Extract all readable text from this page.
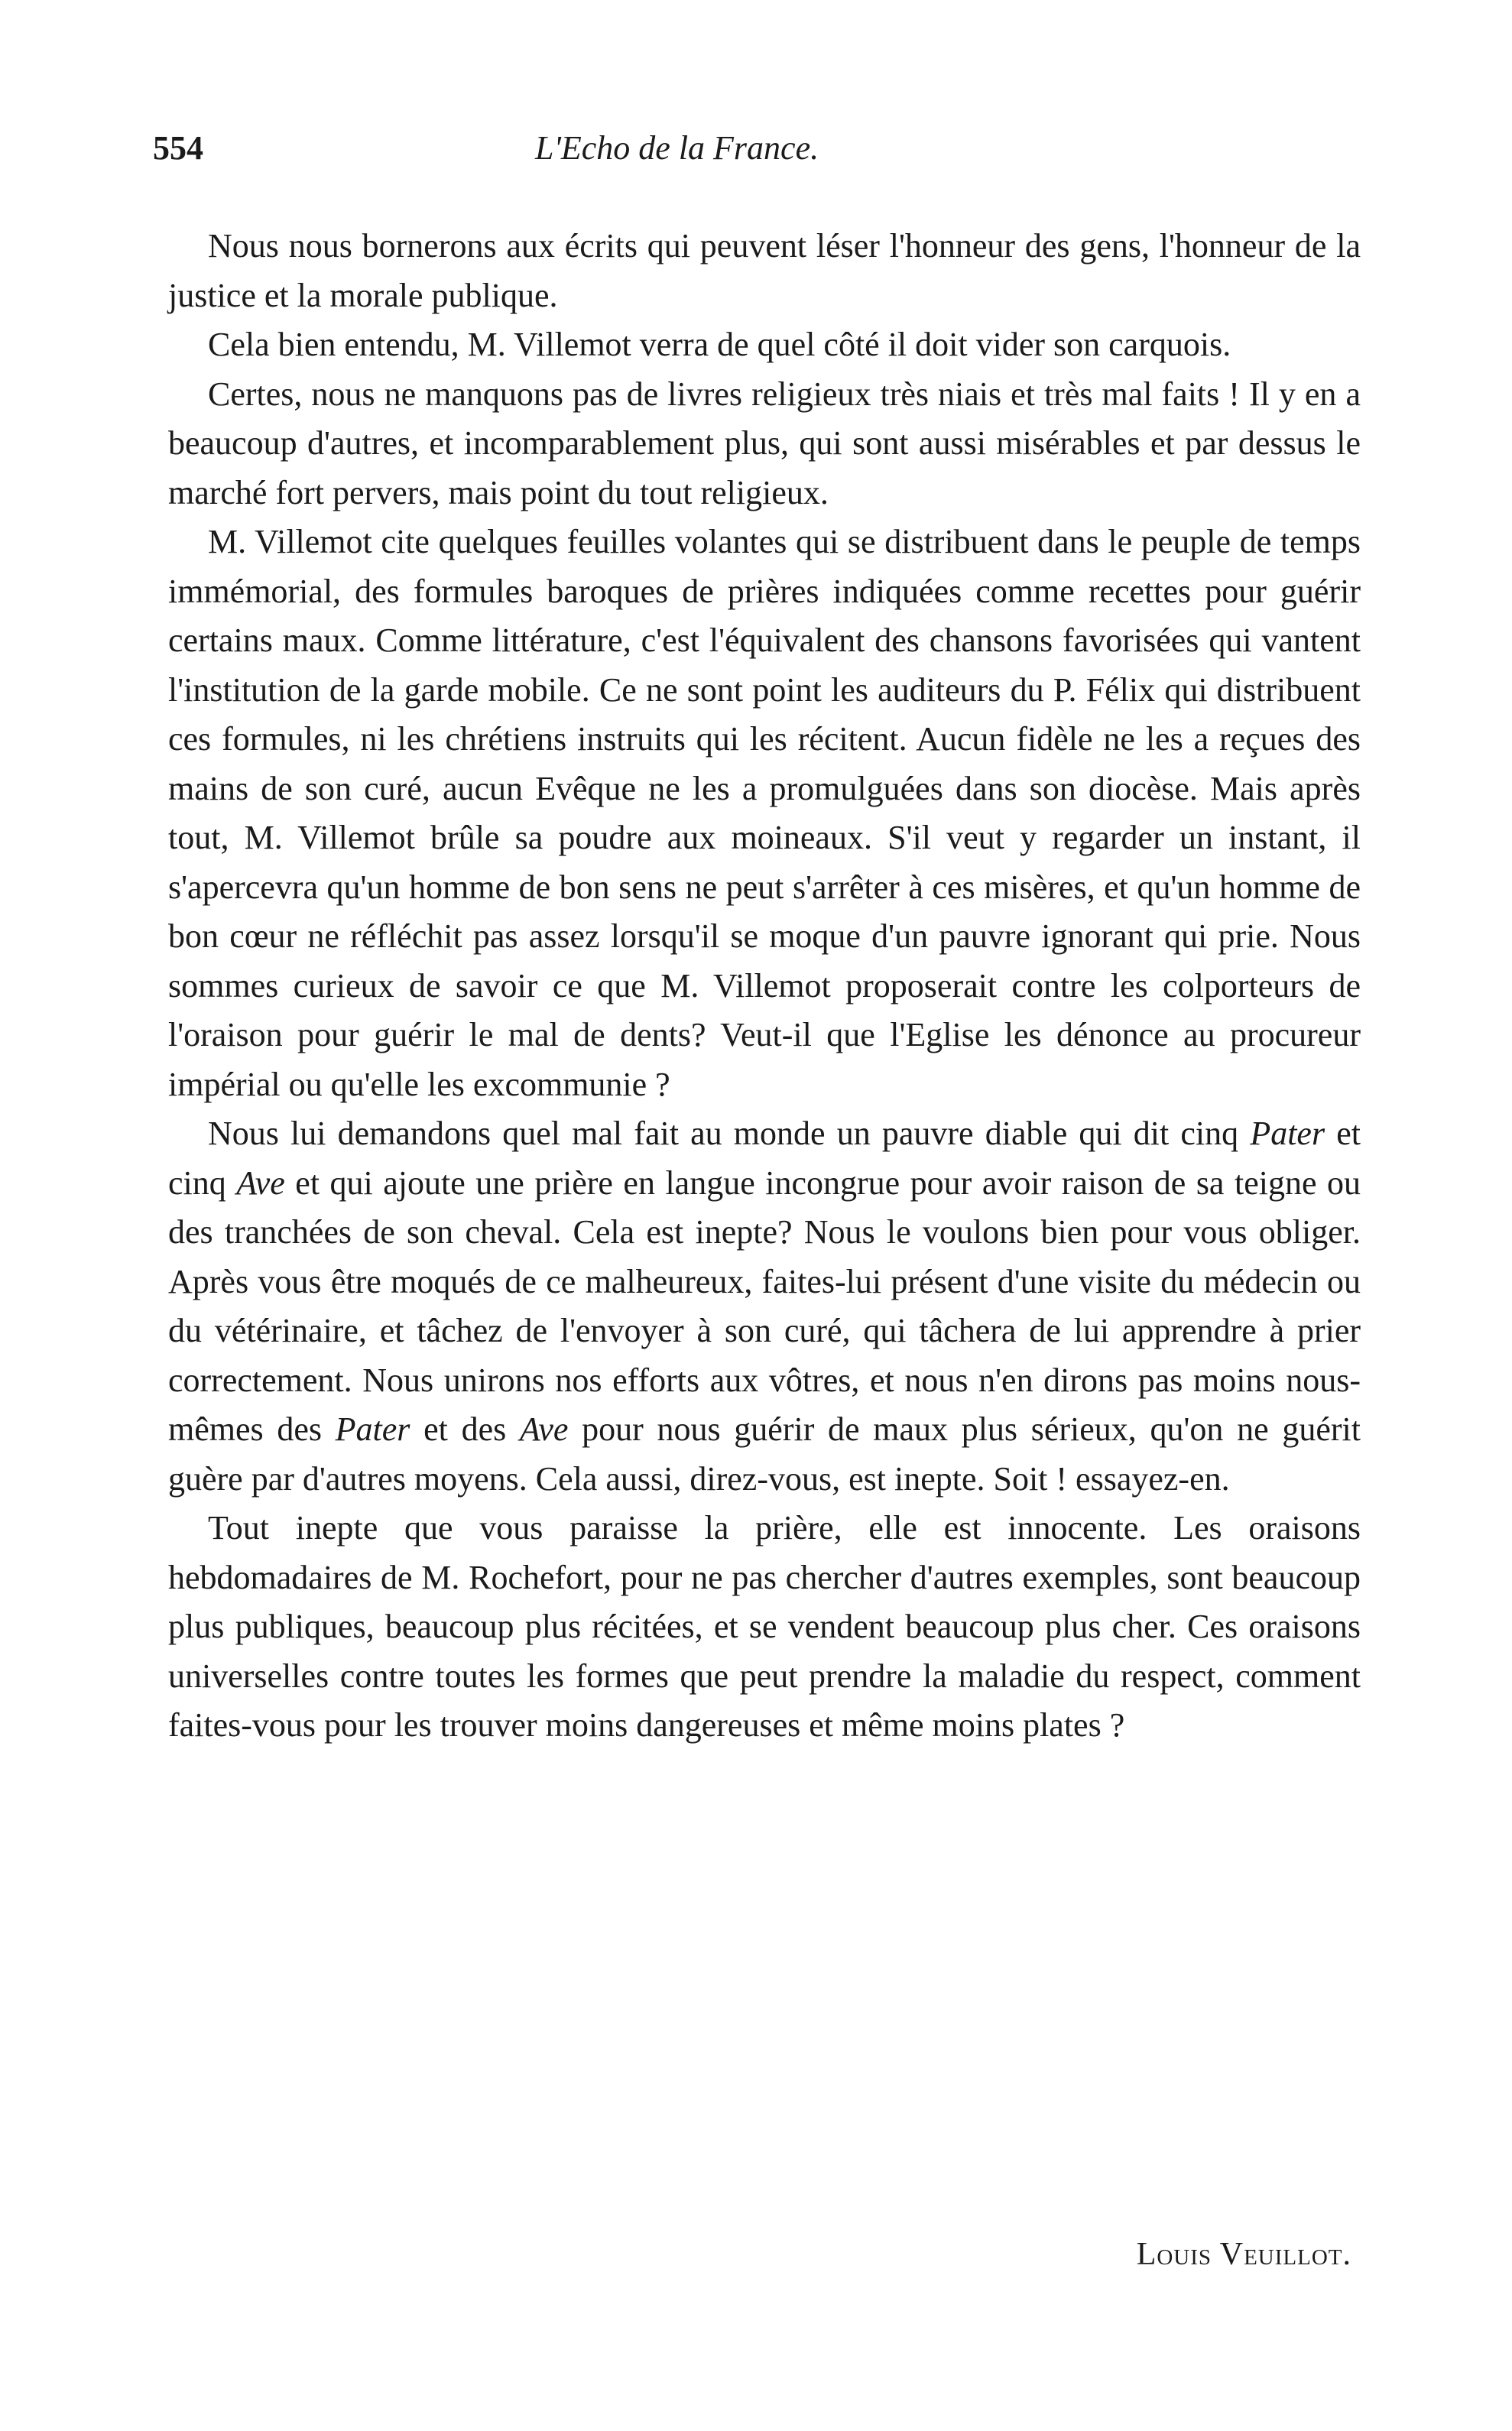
554	L'Echo de la France.

Nous nous bornerons aux écrits qui peuvent léser l'honneur des gens, l'honneur de la justice et la morale publique.

Cela bien entendu, M. Villemot verra de quel côté il doit vider son carquois.

Certes, nous ne manquons pas de livres religieux très niais et très mal faits ! Il y en a beaucoup d'autres, et incomparablement plus, qui sont aussi misérables et par dessus le marché fort pervers, mais point du tout religieux.

M. Villemot cite quelques feuilles volantes qui se distribuent dans le peuple de temps immémorial, des formules baroques de prières indiquées comme recettes pour guérir certains maux. Comme littérature, c'est l'équivalent des chansons favorisées qui vantent l'institution de la garde mobile. Ce ne sont point les auditeurs du P. Félix qui distribuent ces formules, ni les chrétiens instruits qui les récitent. Aucun fidèle ne les a reçues des mains de son curé, aucun Evêque ne les a promulguées dans son diocèse. Mais après tout, M. Villemot brûle sa poudre aux moineaux. S'il veut y regarder un instant, il s'apercevra qu'un homme de bon sens ne peut s'arrêter à ces misères, et qu'un homme de bon cœur ne réfléchit pas assez lorsqu'il se moque d'un pauvre ignorant qui prie. Nous sommes curieux de savoir ce que M. Villemot proposerait contre les colporteurs de l'oraison pour guérir le mal de dents? Veut-il que l'Eglise les dénonce au procureur impérial ou qu'elle les excommunie ?

Nous lui demandons quel mal fait au monde un pauvre diable qui dit cinq Pater et cinq Ave et qui ajoute une prière en langue incongrue pour avoir raison de sa teigne ou des tranchées de son cheval. Cela est inepte? Nous le voulons bien pour vous obliger. Après vous être moqués de ce malheureux, faites-lui présent d'une visite du médecin ou du vétérinaire, et tâchez de l'envoyer à son curé, qui tâchera de lui apprendre à prier correctement. Nous unirons nos efforts aux vôtres, et nous n'en dirons pas moins nous-mêmes des Pater et des Ave pour nous guérir de maux plus sérieux, qu'on ne guérit guère par d'autres moyens. Cela aussi, direz-vous, est inepte. Soit ! essayez-en.

Tout inepte que vous paraisse la prière, elle est innocente. Les oraisons hebdomadaires de M. Rochefort, pour ne pas chercher d'autres exemples, sont beaucoup plus publiques, beaucoup plus récitées, et se vendent beaucoup plus cher. Ces oraisons universelles contre toutes les formes que peut prendre la maladie du respect, comment faites-vous pour les trouver moins dangereuses et même moins plates ?

Louis Veuillot.
